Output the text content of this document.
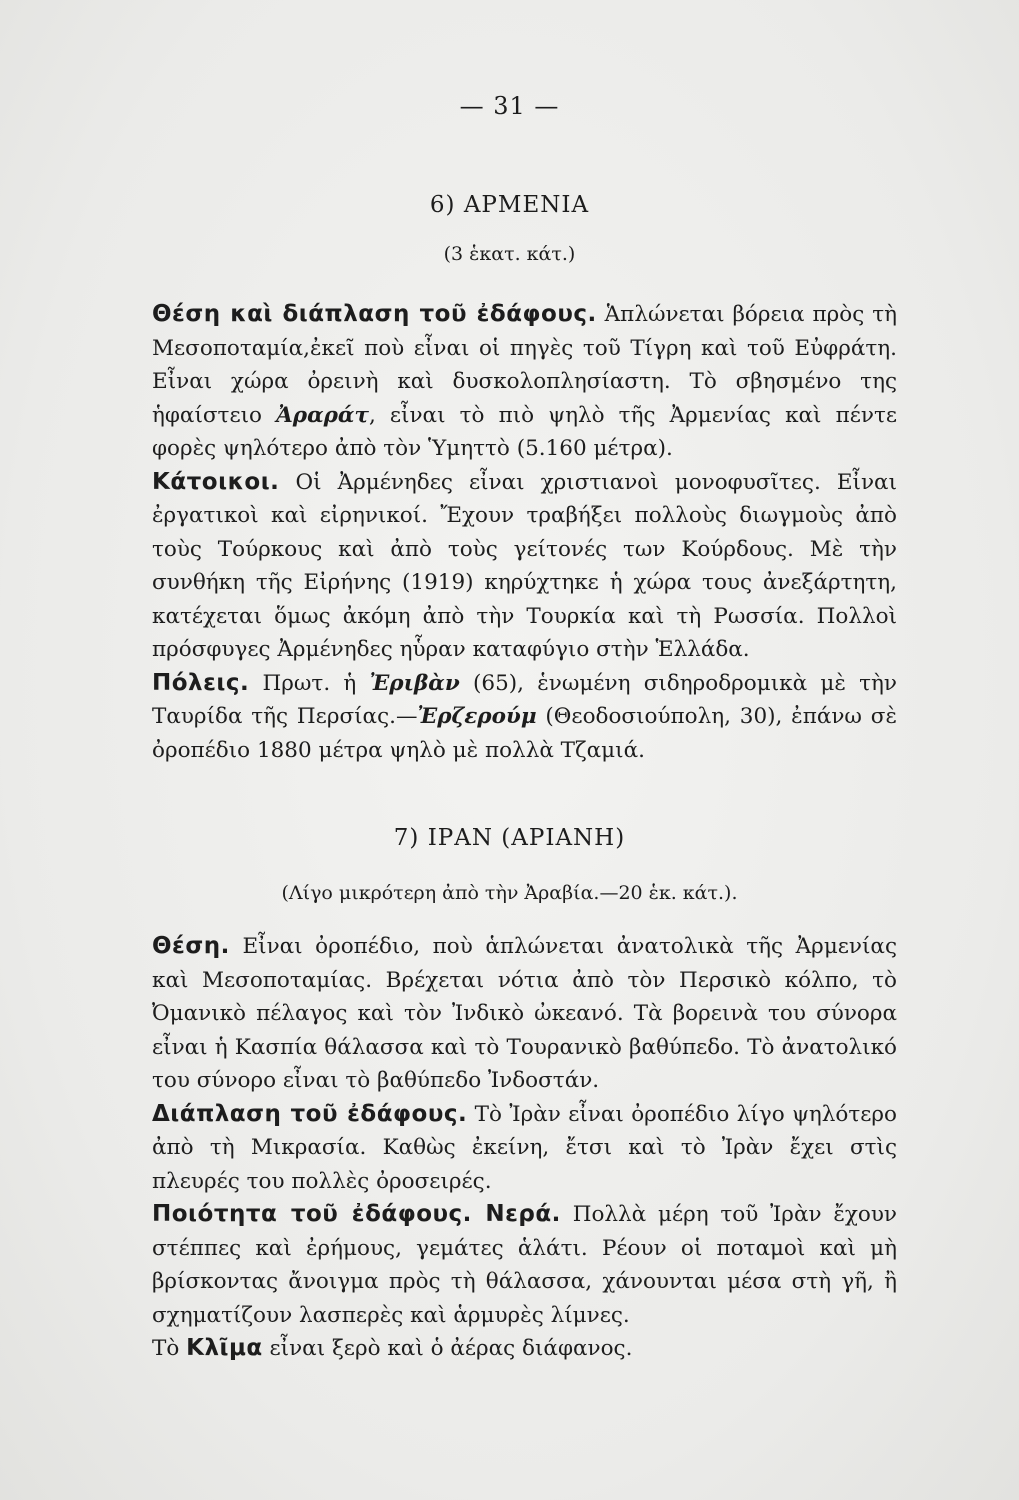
— 31 —
6) ΑΡΜΕΝΙΑ
(3 ἑκατ. κάτ.)

Θέση καὶ διάπλαση τοῦ ἐδάφους. Ἁπλώνεται βόρεια πρὸς τὴ Μεσοποταμία,ἐκεῖ ποὺ εἶναι οἱ πηγὲς τοῦ Τίγρη καὶ τοῦ Εὐφράτη. Εἶναι χώρα ὀρεινὴ καὶ δυσκολοπλησίαστη. Τὸ σβησμένο της ἡφαίστειο Ἀραράτ, εἶναι τὸ πιὸ ψηλὸ τῆς Ἀρμενίας καὶ πέντε φορὲς ψηλότερο ἀπὸ τὸν Ὑμηττὸ (5.160 μέτρα).
Κάτοικοι. Οἱ Ἀρμένηδες εἶναι χριστιανοὶ μονοφυσῖτες. Εἶναι ἐργατικοὶ καὶ εἰρηνικοί. Ἔχουν τραβήξει πολλοὺς διωγμοὺς ἀπὸ τοὺς Τούρκους καὶ ἀπὸ τοὺς γείτονές των Κούρδους. Μὲ τὴν συνθήκη τῆς Εἰρήνης (1919) κηρύχτηκε ἡ χώρα τους ἀνεξάρτητη, κατέχεται ὅμως ἀκόμη ἀπὸ τὴν Τουρκία καὶ τὴ Ρωσσία. Πολλοὶ πρόσφυγες Ἀρμένηδες ηὗραν καταφύγιο στὴν Ἑλλάδα.
Πόλεις. Πρωτ. ἡ Ἐριβὰν (65), ἑνωμένη σιδηροδρομικὰ μὲ τὴν Ταυρίδα τῆς Περσίας.—Ἐρζερούμ (Θεοδοσιούπολη, 30), ἐπάνω σὲ ὀροπέδιο 1880 μέτρα ψηλὸ μὲ πολλὰ Τζαμιά.

7) ΙΡΑΝ (ΑΡΙΑΝΗ)
(Λίγο μικρότερη ἀπὸ τὴν Ἀραβία.—20 ἑκ. κάτ.).

Θέση. Εἶναι ὀροπέδιο, ποὺ ἁπλώνεται ἀνατολικὰ τῆς Ἀρμενίας καὶ Μεσοποταμίας. Βρέχεται νότια ἀπὸ τὸν Περσικὸ κόλπο, τὸ Ὀμανικὸ πέλαγος καὶ τὸν Ἰνδικὸ ὠκεανό. Τὰ βορεινὰ του σύνορα εἶναι ἡ Κασπία θάλασσα καὶ τὸ Τουρανικὸ βαθύπεδο. Τὸ ἀνατολικό του σύνορο εἶναι τὸ βαθύπεδο Ἰνδοστάν.
Διάπλαση τοῦ ἐδάφους. Τὸ Ἰρὰν εἶναι ὀροπέδιο λίγο ψηλότερο ἀπὸ τὴ Μικρασία. Καθὼς ἐκείνη, ἔτσι καὶ τὸ Ἰρὰν ἔχει στὶς πλευρές του πολλὲς ὀροσειρές.
Ποιότητα τοῦ ἐδάφους. Νερά. Πολλὰ μέρη τοῦ Ἰρὰν ἔχουν στέππες καὶ ἐρήμους, γεμάτες ἁλάτι. Ρέουν οἱ ποταμοὶ καὶ μὴ βρίσκοντας ἄνοιγμα πρὸς τὴ θάλασσα, χάνουνται μέσα στὴ γῆ, ἢ σχηματίζουν λασπερὲς καὶ ἁρμυρὲς λίμνες.
Τὸ Κλῖμα εἶναι ξερὸ καὶ ὁ ἀέρας διάφανος.
